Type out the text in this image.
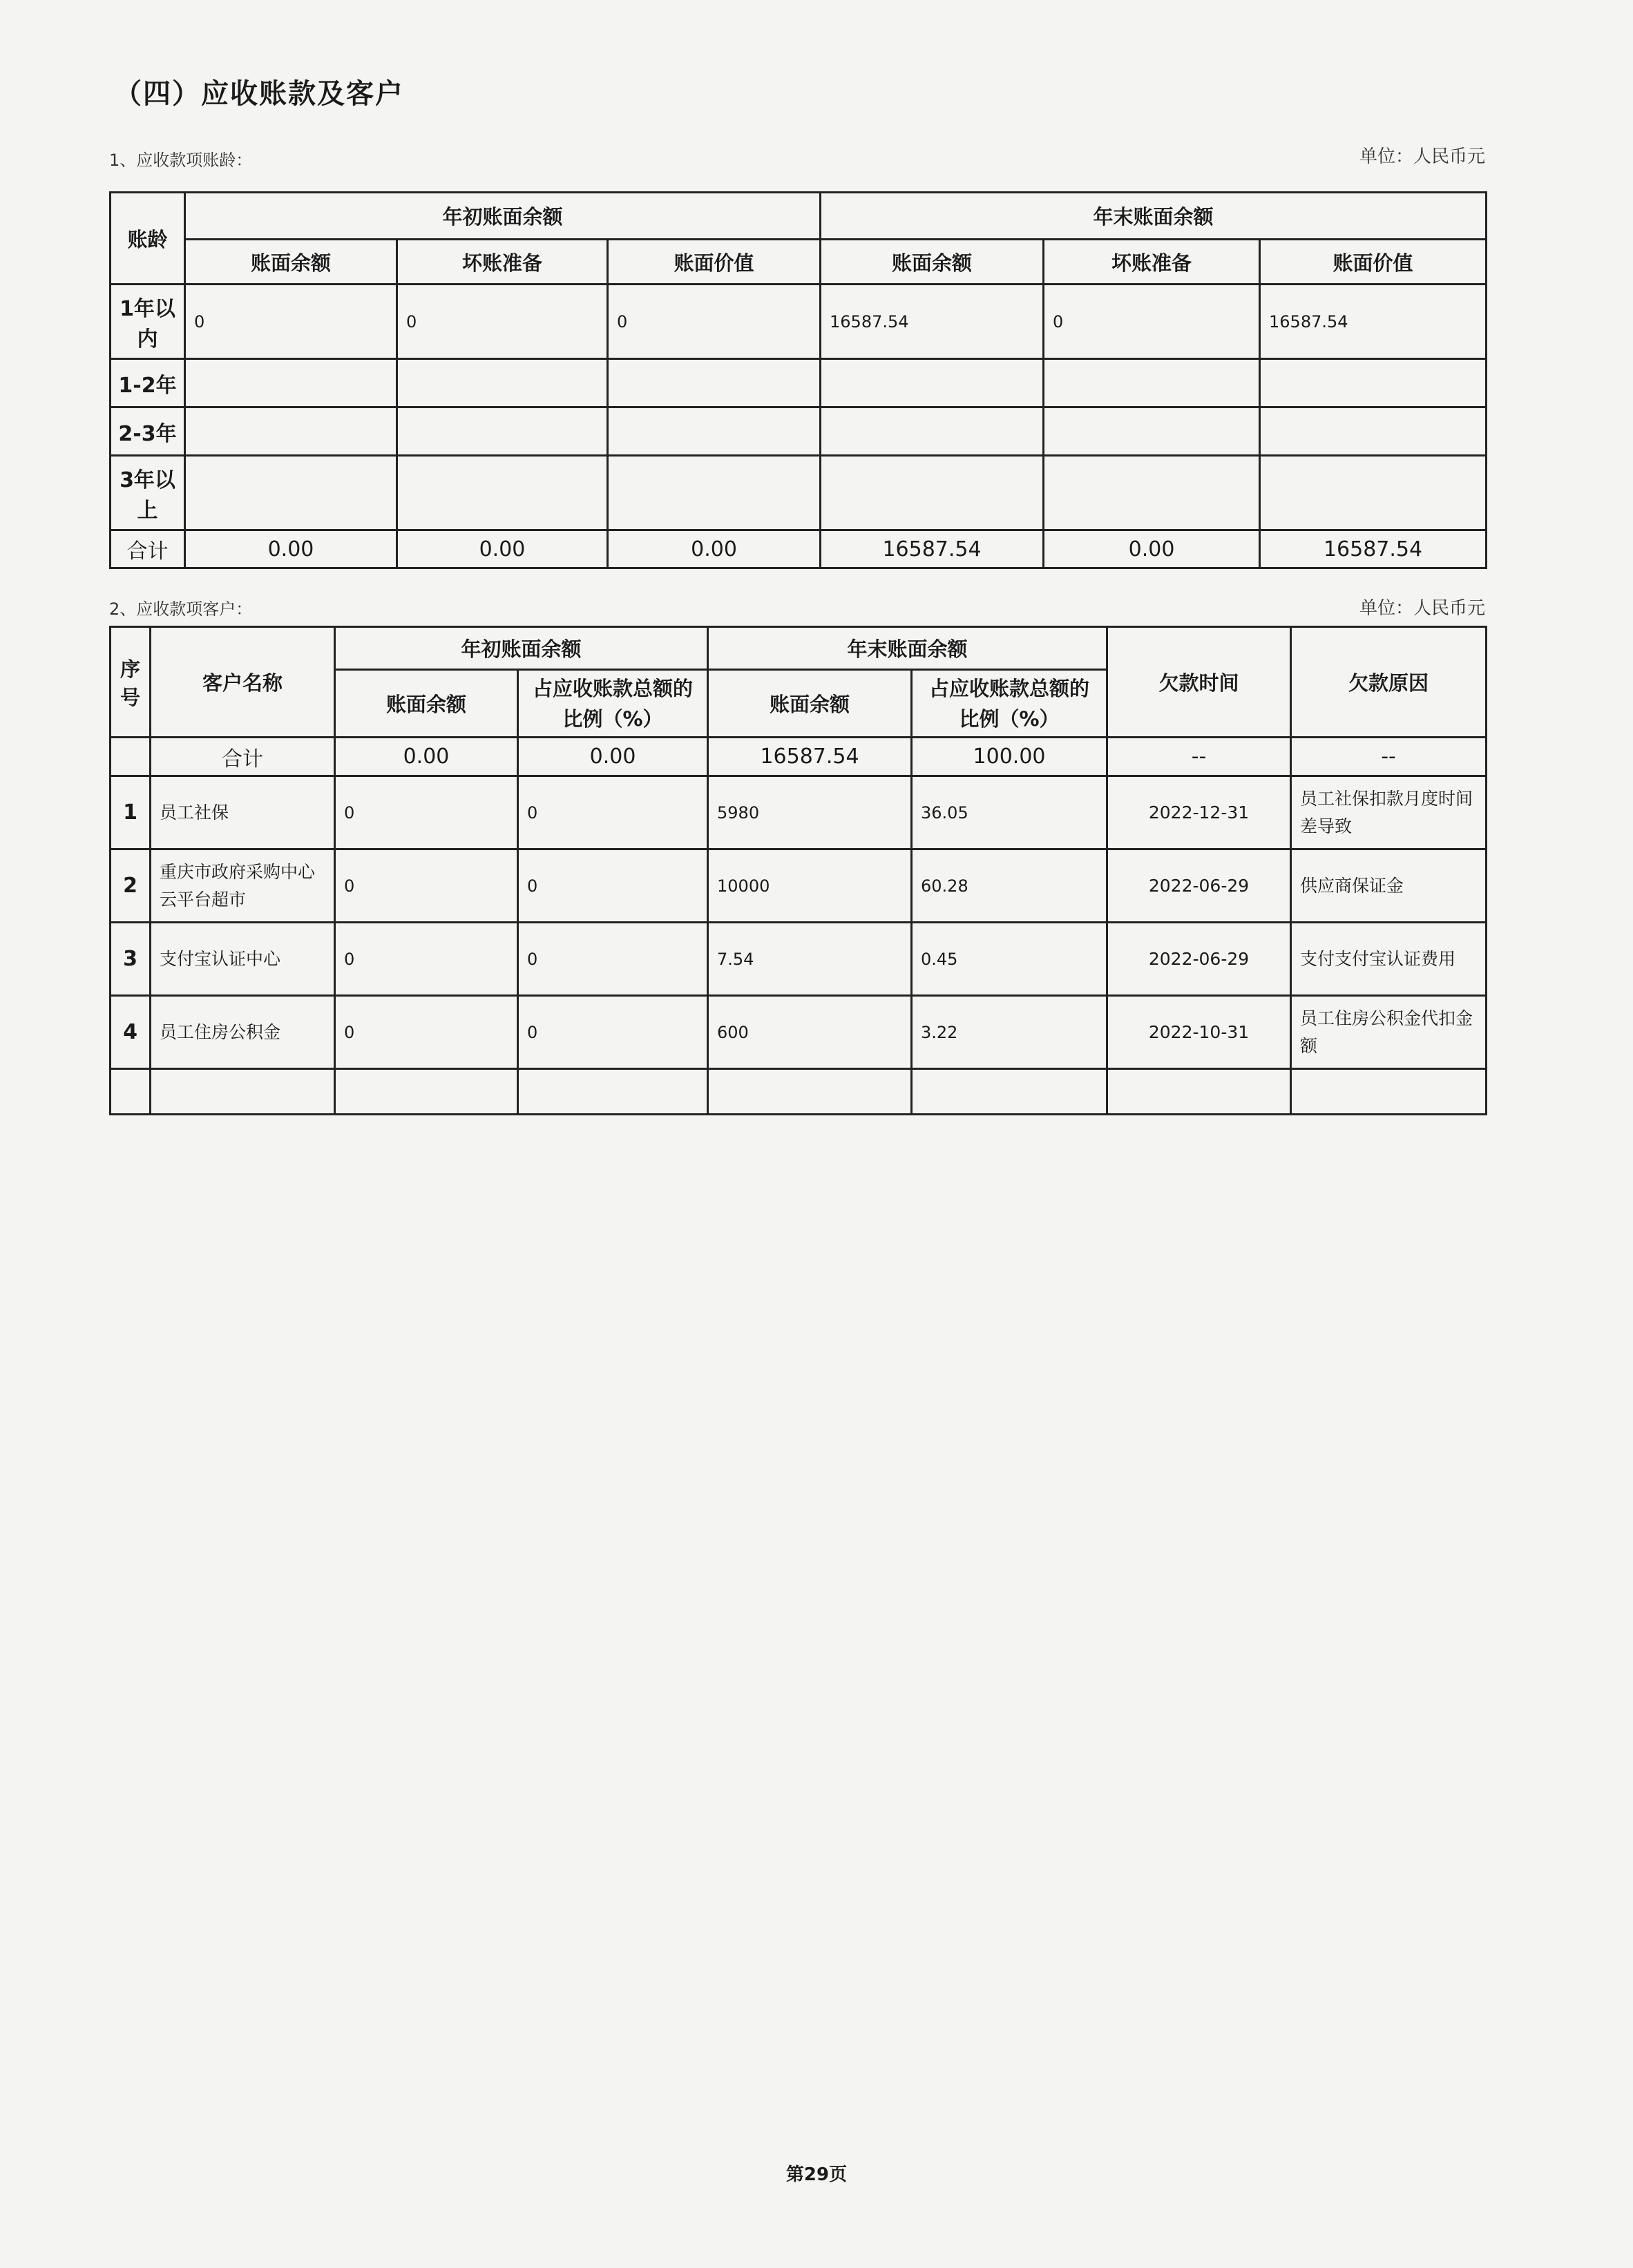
（四）应收账款及客户
1、应收款项账龄：	单位：人民币元
账龄	年初账面余额			年末账面余额		
	账面余额	坏账准备	账面价值	账面余额	坏账准备	账面价值
1年以内	0	0	0	16587.54	0	16587.54
1-2年						
2-3年						
3年以上						
合计	0.00	0.00	0.00	16587.54	0.00	16587.54
2、应收款项客户：	单位：人民币元
序号	客户名称	年初账面余额		年末账面余额		欠款时间	欠款原因
		账面余额	占应收账款总额的比例（%）	账面余额	占应收账款总额的比例（%）		
	合计	0.00	0.00	16587.54	100.00	--	--
1	员工社保	0	0	5980	36.05	2022-12-31	员工社保扣款月度时间差导致
2	重庆市政府采购中心云平台超市	0	0	10000	60.28	2022-06-29	供应商保证金
3	支付宝认证中心	0	0	7.54	0.45	2022-06-29	支付支付宝认证费用
4	员工住房公积金	0	0	600	3.22	2022-10-31	员工住房公积金代扣金额

第29页
